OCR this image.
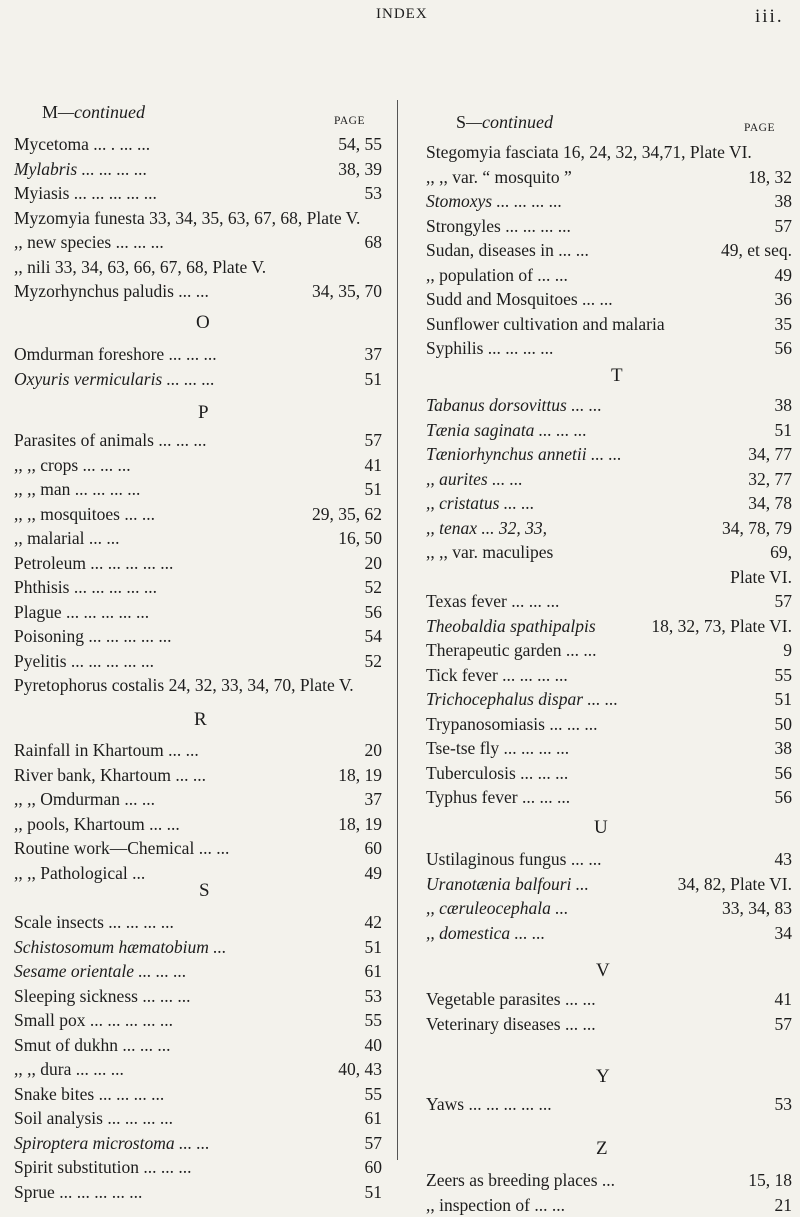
INDEX	iii.
M—continued	PAGE
O
P
R
S
Mycetoma ... . ... ...	54, 55
Mylabris ... ... ... ...	38, 39
Myiasis ... ... ... ... ...	53
Myzomyia funesta 33, 34, 35, 63, 67, 68, Plate V.
,, new species ... ... ...	68
,, nili 33, 34, 63, 66, 67, 68, Plate V.
Myzorhynchus paludis ... ...	34, 35, 70
Omdurman foreshore ... ... ...	37
Oxyuris vermicularis ... ... ...	51
Parasites of animals ... ... ...	57
,, ,, crops ... ... ...	41
,, ,, man ... ... ... ...	51
,, ,, mosquitoes ... ...	29, 35, 62
,, malarial ... ...	16, 50
Petroleum ... ... ... ... ...	20
Phthisis ... ... ... ... ...	52
Plague ... ... ... ... ...	56
Poisoning ... ... ... ... ...	54
Pyelitis ... ... ... ... ...	52
Pyretophorus costalis 24, 32, 33, 34, 70, Plate V.
Rainfall in Khartoum ... ...	20
River bank, Khartoum ... ...	18, 19
,, ,, Omdurman ... ...	37
,, pools, Khartoum ... ...	18, 19
Routine work—Chemical ... ...	60
,, ,, Pathological ...	49
Scale insects ... ... ... ...	42
Schistosomum hæmatobium ...	51
Sesame orientale ... ... ...	61
Sleeping sickness ... ... ...	53
Small pox ... ... ... ... ...	55
Smut of dukhn ... ... ...	40
,, ,, dura ... ... ...	40, 43
Snake bites ... ... ... ...	55
Soil analysis ... ... ... ...	61
Spiroptera microstoma ... ...	57
Spirit substitution ... ... ...	60
Sprue ... ... ... ... ...	51
S—continued	PAGE
T
U
V
Y
Z
Stegomyia fasciata 16, 24, 32, 34,71, Plate VI.
,, ,, var. “ mosquito ”	18, 32
Stomoxys ... ... ... ...	38
Strongyles ... ... ... ...	57
Sudan, diseases in ... ...	49, et seq.
,, population of ... ...	49
Sudd and Mosquitoes ... ...	36
Sunflower cultivation and malaria	35
Syphilis ... ... ... ...	56
Tabanus dorsovittus ... ...	38
Tænia saginata ... ... ...	51
Tæniorhynchus annetii ... ...	34, 77
,, aurites ... ...	32, 77
,, cristatus ... ...	34, 78
,, tenax ... 32, 33,	34, 78, 79
,, ,, var. maculipes	69,
Plate VI.
Texas fever ... ... ...	57
Theobaldia spathipalpis	18, 32, 73, Plate VI.
Therapeutic garden ... ...	9
Tick fever ... ... ... ...	55
Trichocephalus dispar ... ...	51
Trypanosomiasis ... ... ...	50
Tse-tse fly ... ... ... ...	38
Tuberculosis ... ... ...	56
Typhus fever ... ... ...	56
Ustilaginous fungus ... ...	43
Uranotænia balfouri ...	34, 82, Plate VI.
,, cæruleocephala ...	33, 34, 83
,, domestica ... ...	34
Vegetable parasites ... ...	41
Veterinary diseases ... ...	57
Yaws ... ... ... ... ...	53
Zeers as breeding places ...	15, 18
,, inspection of ... ...	21
